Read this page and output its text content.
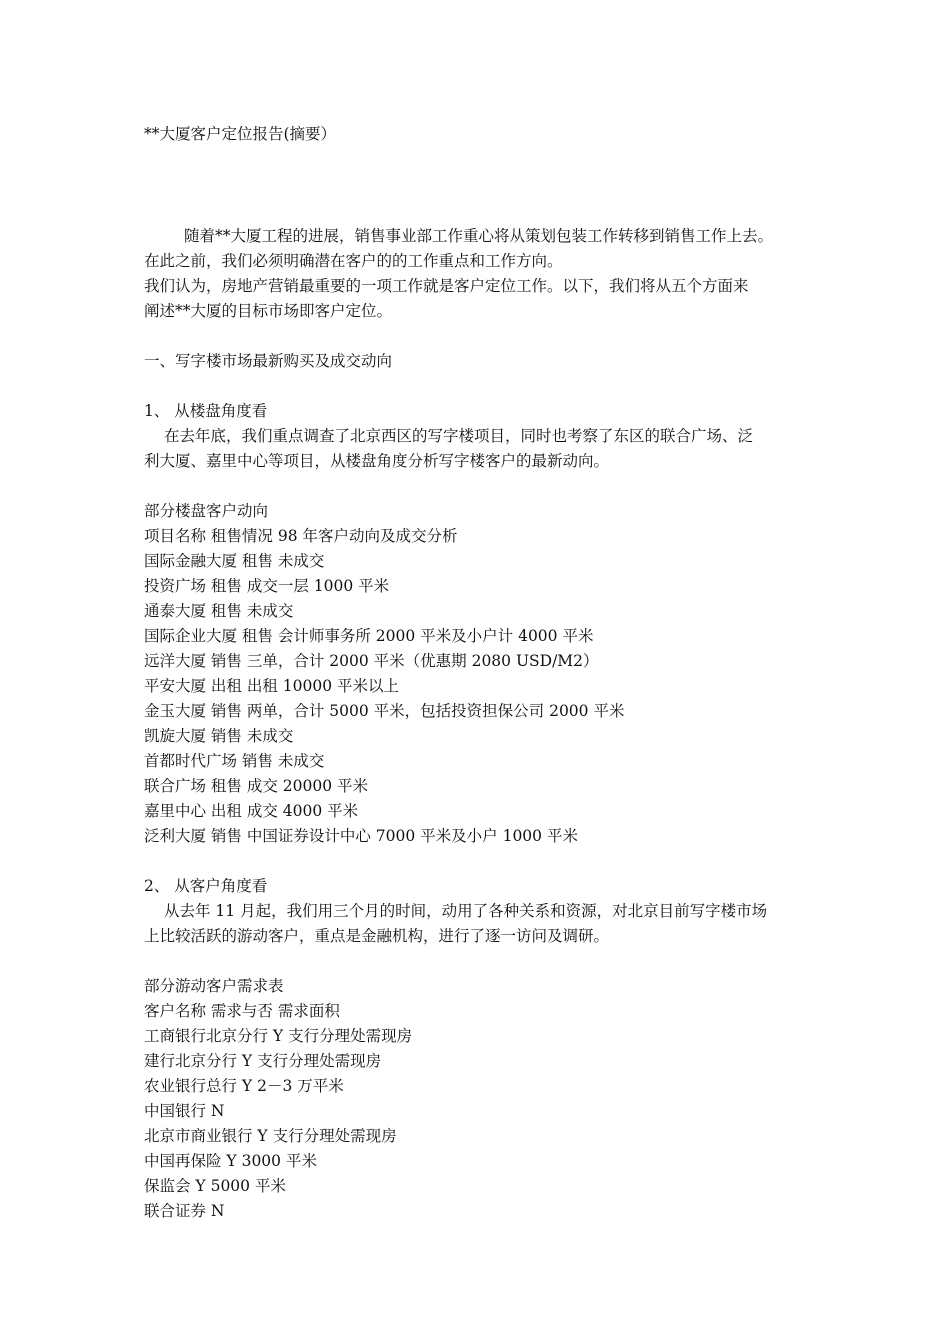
**大厦客户定位报告(摘要）
随着**大厦工程的进展，销售事业部工作重心将从策划包装工作转移到销售工作上去。
在此之前，我们必须明确潜在客户的的工作重点和工作方向。
我们认为，房地产营销最重要的一项工作就是客户定位工作。以下，我们将从五个方面来
阐述**大厦的目标市场即客户定位。
一、写字楼市场最新购买及成交动向
1、 从楼盘角度看
在去年底，我们重点调查了北京西区的写字楼项目，同时也考察了东区的联合广场、泛
利大厦、嘉里中心等项目，从楼盘角度分析写字楼客户的最新动向。
部分楼盘客户动向
项目名称 租售情况 98 年客户动向及成交分析
国际金融大厦 租售 未成交
投资广场 租售 成交一层 1000 平米
通泰大厦 租售 未成交
国际企业大厦 租售 会计师事务所 2000 平米及小户计 4000 平米
远洋大厦 销售 三单，合计 2000 平米（优惠期 2080 USD/M2）
平安大厦 出租 出租 10000 平米以上
金玉大厦 销售 两单，合计 5000 平米，包括投资担保公司 2000 平米
凯旋大厦 销售 未成交
首都时代广场 销售 未成交
联合广场 租售 成交 20000 平米
嘉里中心 出租 成交 4000 平米
泛利大厦 销售 中国证券设计中心 7000 平米及小户 1000 平米
2、 从客户角度看
从去年 11 月起，我们用三个月的时间，动用了各种关系和资源，对北京目前写字楼市场
上比较活跃的游动客户，重点是金融机构，进行了逐一访问及调研。
部分游动客户需求表
客户名称 需求与否 需求面积
工商银行北京分行 Y 支行分理处需现房
建行北京分行 Y 支行分理处需现房
农业银行总行 Y 2－3 万平米
中国银行 N
北京市商业银行 Y 支行分理处需现房
中国再保险 Y 3000 平米
保监会 Y 5000 平米
联合证券 N
